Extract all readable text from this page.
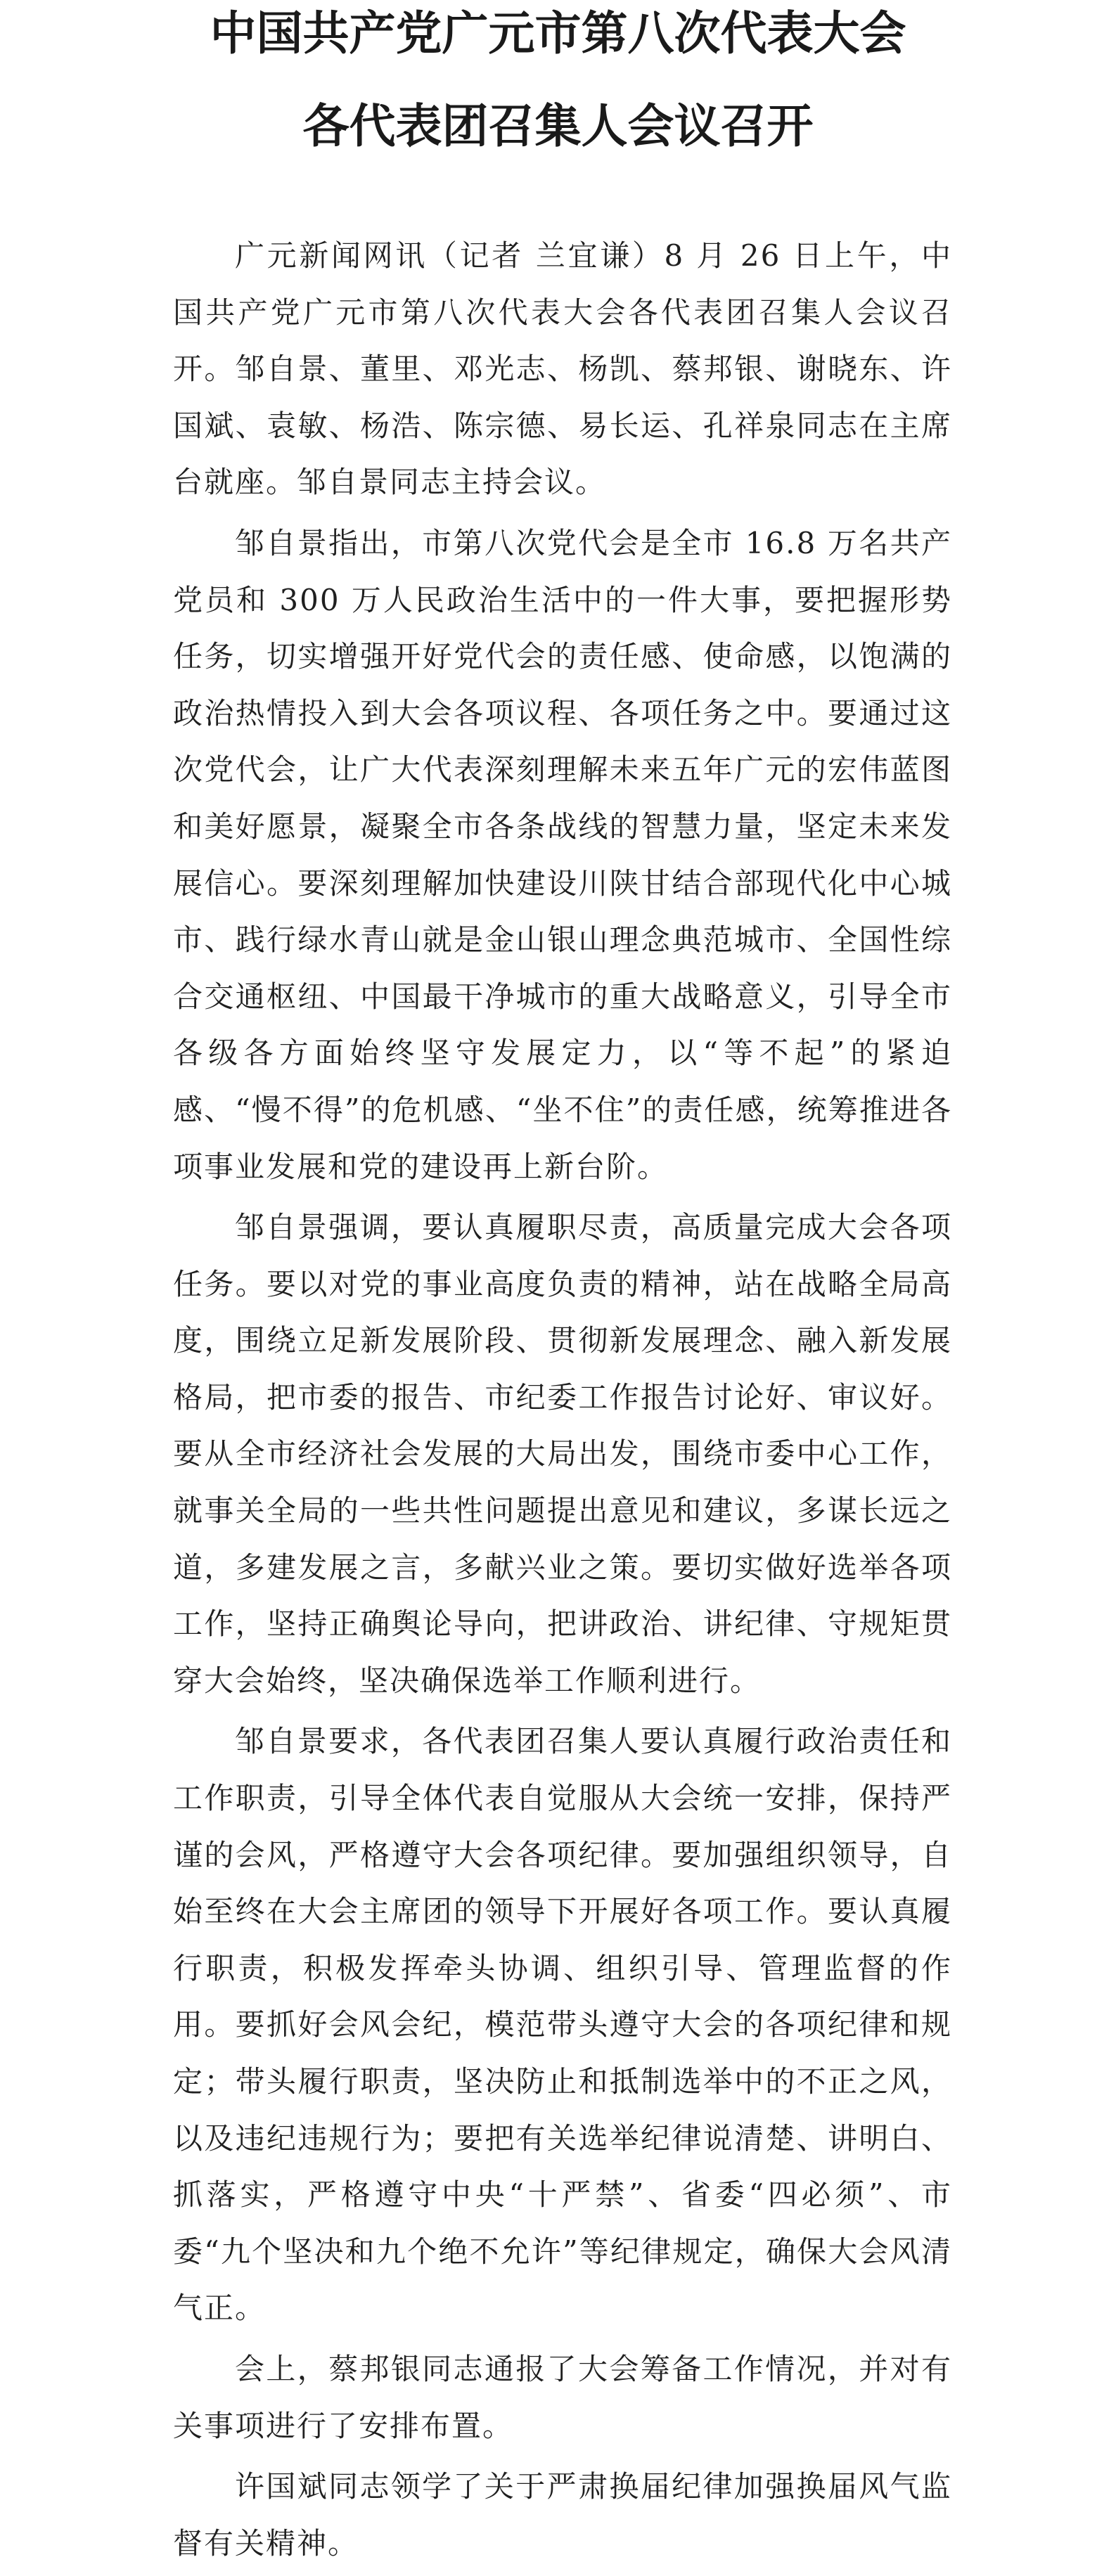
中国共产党广元市第八次代表大会
各代表团召集人会议召开

广元新闻网讯（记者 兰宜谦）8 月 26 日上午，中国共产党广元市第八次代表大会各代表团召集人会议召开。邹自景、董里、邓光志、杨凯、蔡邦银、谢晓东、许国斌、袁敏、杨浩、陈宗德、易长运、孔祥泉同志在主席台就座。邹自景同志主持会议。

邹自景指出，市第八次党代会是全市 16.8 万名共产党员和 300 万人民政治生活中的一件大事，要把握形势任务，切实增强开好党代会的责任感、使命感，以饱满的政治热情投入到大会各项议程、各项任务之中。要通过这次党代会，让广大代表深刻理解未来五年广元的宏伟蓝图和美好愿景，凝聚全市各条战线的智慧力量，坚定未来发展信心。要深刻理解加快建设川陕甘结合部现代化中心城市、践行绿水青山就是金山银山理念典范城市、全国性综合交通枢纽、中国最干净城市的重大战略意义，引导全市各级各方面始终坚守发展定力，以“等不起”的紧迫感、“慢不得”的危机感、“坐不住”的责任感，统筹推进各项事业发展和党的建设再上新台阶。

邹自景强调，要认真履职尽责，高质量完成大会各项任务。要以对党的事业高度负责的精神，站在战略全局高度，围绕立足新发展阶段、贯彻新发展理念、融入新发展格局，把市委的报告、市纪委工作报告讨论好、审议好。要从全市经济社会发展的大局出发，围绕市委中心工作，就事关全局的一些共性问题提出意见和建议，多谋长远之道，多建发展之言，多献兴业之策。要切实做好选举各项工作，坚持正确舆论导向，把讲政治、讲纪律、守规矩贯穿大会始终，坚决确保选举工作顺利进行。

邹自景要求，各代表团召集人要认真履行政治责任和工作职责，引导全体代表自觉服从大会统一安排，保持严谨的会风，严格遵守大会各项纪律。要加强组织领导，自始至终在大会主席团的领导下开展好各项工作。要认真履行职责，积极发挥牵头协调、组织引导、管理监督的作用。要抓好会风会纪，模范带头遵守大会的各项纪律和规定；带头履行职责，坚决防止和抵制选举中的不正之风，以及违纪违规行为；要把有关选举纪律说清楚、讲明白、抓落实，严格遵守中央“十严禁”、省委“四必须”、市委“九个坚决和九个绝不允许”等纪律规定，确保大会风清气正。

会上，蔡邦银同志通报了大会筹备工作情况，并对有关事项进行了安排布置。

许国斌同志领学了关于严肃换届纪律加强换届风气监督有关精神。
